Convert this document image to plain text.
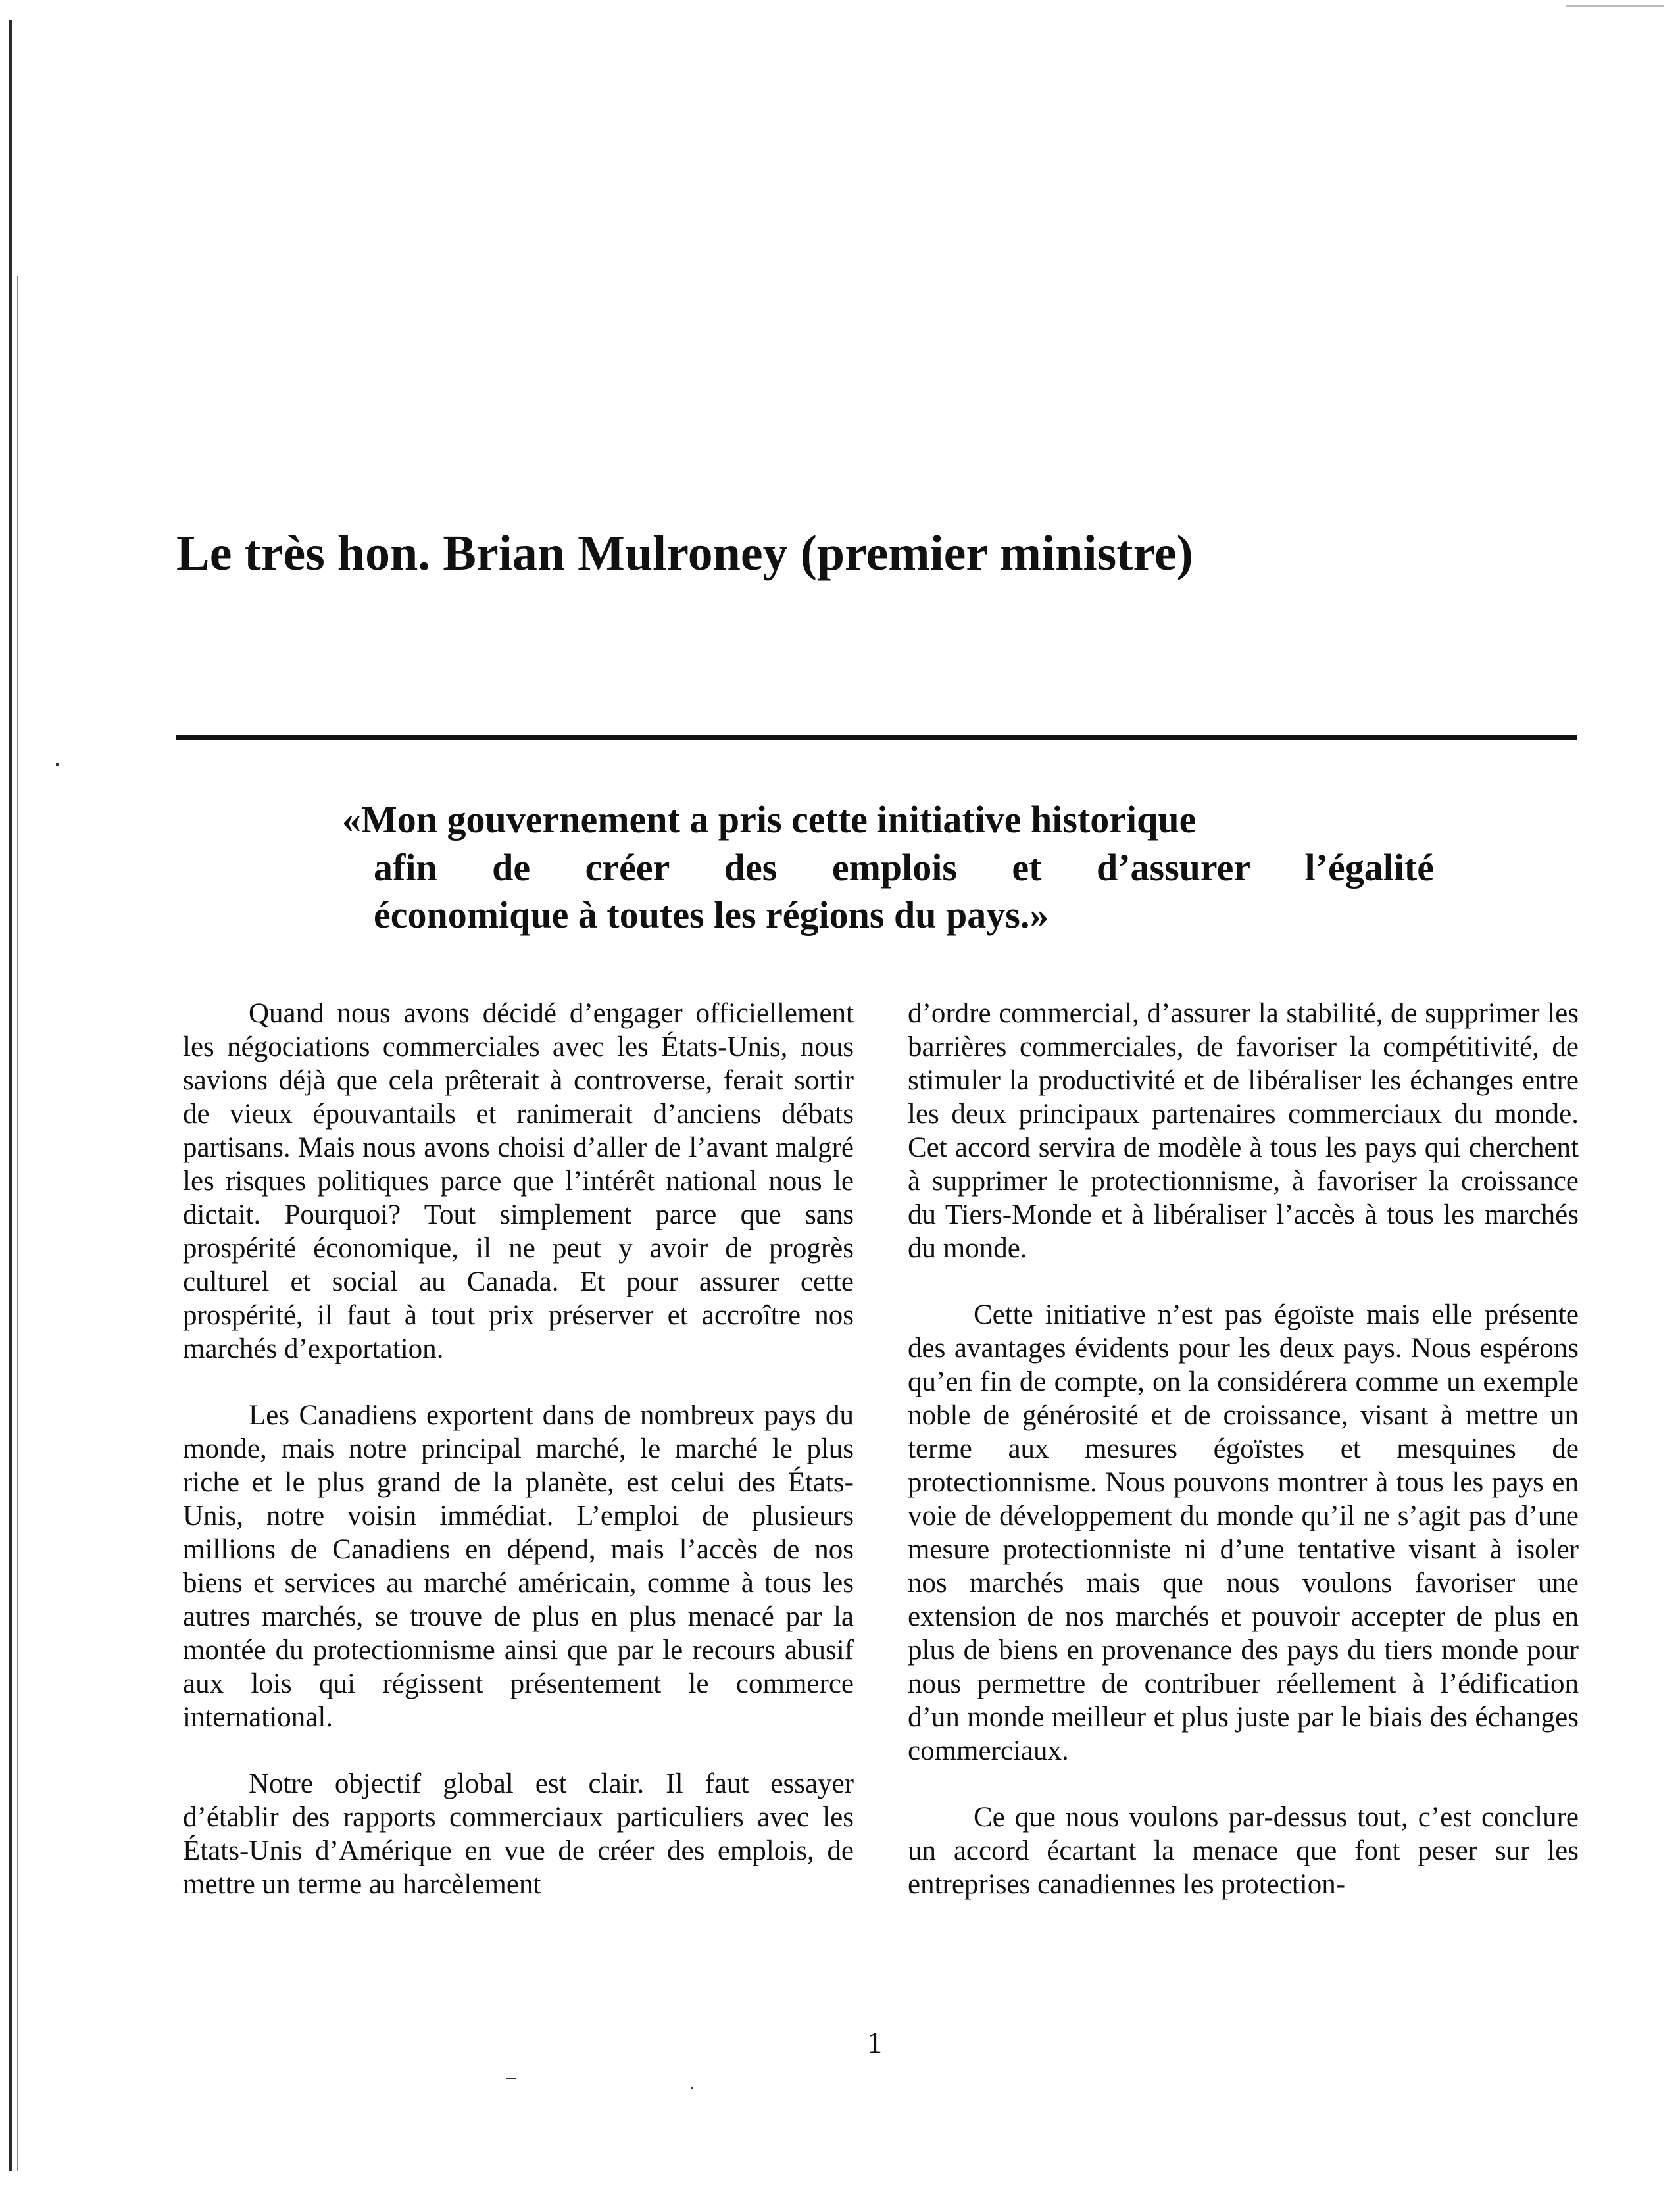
Le très hon. Brian Mulroney (premier ministre)
«Mon gouvernement a pris cette initiative historique
afin de créer des emplois et d’assurer l’égalité
économique à toutes les régions du pays.»

Quand nous avons décidé d’engager officiellement les négociations commerciales avec les États-Unis, nous savions déjà que cela prêterait à controverse, ferait sortir de vieux épouvantails et ranimerait d’anciens débats partisans. Mais nous avons choisi d’aller de l’avant malgré les risques politiques parce que l’intérêt national nous le dictait. Pourquoi? Tout simplement parce que sans prospérité économique, il ne peut y avoir de progrès culturel et social au Canada. Et pour assurer cette prospérité, il faut à tout prix préserver et accroître nos marchés d’exportation.

Les Canadiens exportent dans de nombreux pays du monde, mais notre principal marché, le marché le plus riche et le plus grand de la planète, est celui des États-Unis, notre voisin immédiat. L’emploi de plusieurs millions de Canadiens en dépend, mais l’accès de nos biens et services au marché américain, comme à tous les autres marchés, se trouve de plus en plus menacé par la montée du protectionnisme ainsi que par le recours abusif aux lois qui régissent présentement le commerce international.

Notre objectif global est clair. Il faut essayer d’établir des rapports commerciaux particuliers avec les États-Unis d’Amérique en vue de créer des emplois, de mettre un terme au harcèlement

d’ordre commercial, d’assurer la stabilité, de supprimer les barrières commerciales, de favoriser la compétitivité, de stimuler la productivité et de libéraliser les échanges entre les deux principaux partenaires commerciaux du monde. Cet accord servira de modèle à tous les pays qui cherchent à supprimer le protectionnisme, à favoriser la croissance du Tiers-Monde et à libéraliser l’accès à tous les marchés du monde.

Cette initiative n’est pas égoïste mais elle présente des avantages évidents pour les deux pays. Nous espérons qu’en fin de compte, on la considérera comme un exemple noble de générosité et de croissance, visant à mettre un terme aux mesures égoïstes et mesquines de protectionnisme. Nous pouvons montrer à tous les pays en voie de développement du monde qu’il ne s’agit pas d’une mesure protectionniste ni d’une tentative visant à isoler nos marchés mais que nous voulons favoriser une extension de nos marchés et pouvoir accepter de plus en plus de biens en provenance des pays du tiers monde pour nous permettre de contribuer réellement à l’édification d’un monde meilleur et plus juste par le biais des échanges commerciaux.

Ce que nous voulons par-dessus tout, c’est conclure un accord écartant la menace que font peser sur les entreprises canadiennes les protection-

1
